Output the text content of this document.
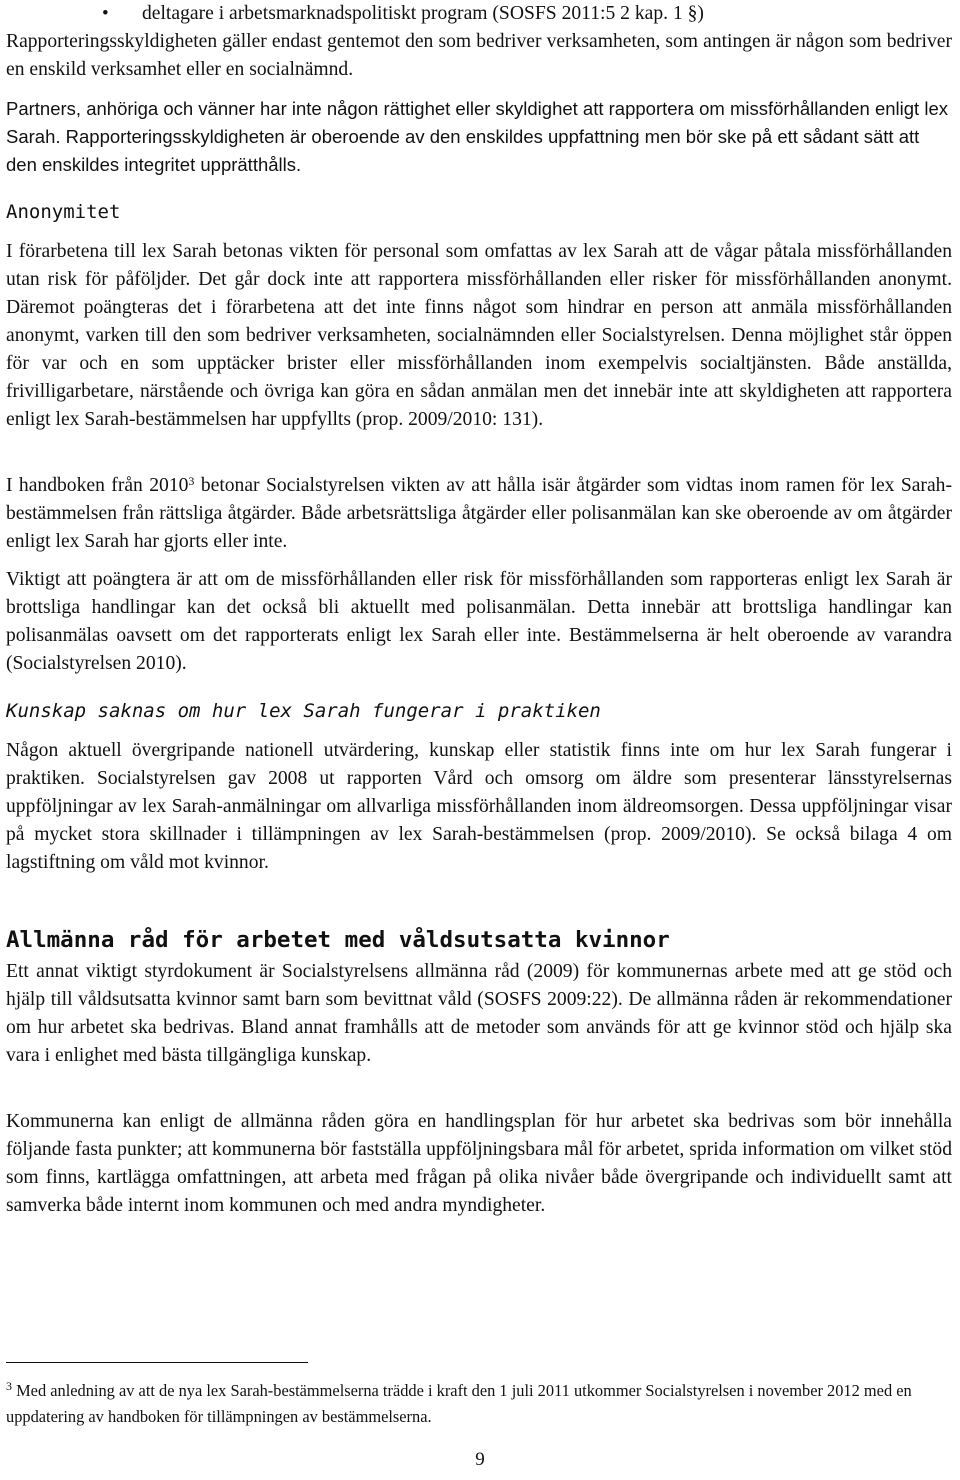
• deltagare i arbetsmarknadspolitiskt program (SOSFS 2011:5 2 kap. 1 §)

Rapporteringsskyldigheten gäller endast gentemot den som bedriver verksamheten, som antingen är någon som bedriver en enskild verksamhet eller en socialnämnd.

Partners, anhöriga och vänner har inte någon rättighet eller skyldighet att rapportera om missförhållanden enligt lex Sarah. Rapporteringsskyldigheten är oberoende av den enskildes uppfattning men bör ske på ett sådant sätt att den enskildes integritet upprätthålls.

Anonymitet

I förarbetena till lex Sarah betonas vikten för personal som omfattas av lex Sarah att de vågar påtala missförhållanden utan risk för påföljder. Det går dock inte att rapportera missförhållanden eller risker för missförhållanden anonymt. Däremot poängteras det i förarbetena att det inte finns något som hindrar en person att anmäla missförhållanden anonymt, varken till den som bedriver verksamheten, socialnämnden eller Socialstyrelsen. Denna möjlighet står öppen för var och en som upptäcker brister eller missförhållanden inom exempelvis socialtjänsten. Både anställda, frivilligarbetare, närstående och övriga kan göra en sådan anmälan men det innebär inte att skyldigheten att rapportera enligt lex Sarah-bestämmelsen har uppfyllts (prop. 2009/2010: 131).

I handboken från 2010$^3$ betonar Socialstyrelsen vikten av att hålla isär åtgärder som vidtas inom ramen för lex Sarah-bestämmelsen från rättsliga åtgärder. Både arbetsrättsliga åtgärder eller polisanmälan kan ske oberoende av om åtgärder enligt lex Sarah har gjorts eller inte.

Viktigt att poängtera är att om de missförhållanden eller risk för missförhållanden som rapporteras enligt lex Sarah är brottsliga handlingar kan det också bli aktuellt med polisanmälan. Detta innebär att brottsliga handlingar kan polisanmälas oavsett om det rapporterats enligt lex Sarah eller inte. Bestämmelserna är helt oberoende av varandra (Socialstyrelsen 2010).

Kunskap saknas om hur lex Sarah fungerar i praktiken

Någon aktuell övergripande nationell utvärdering, kunskap eller statistik finns inte om hur lex Sarah fungerar i praktiken. Socialstyrelsen gav 2008 ut rapporten Vård och omsorg om äldre som presenterar länsstyrelsernas uppföljningar av lex Sarah-anmälningar om allvarliga missförhållanden inom äldreomsorgen. Dessa uppföljningar visar på mycket stora skillnader i tillämpningen av lex Sarah-bestämmelsen (prop. 2009/2010). Se också bilaga 4 om lagstiftning om våld mot kvinnor.

Allmänna råd för arbetet med våldsutsatta kvinnor

Ett annat viktigt styrdokument är Socialstyrelsens allmänna råd (2009) för kommunernas arbete med att ge stöd och hjälp till våldsutsatta kvinnor samt barn som bevittnat våld (SOSFS 2009:22). De allmänna råden är rekommendationer om hur arbetet ska bedrivas. Bland annat framhålls att de metoder som används för att ge kvinnor stöd och hjälp ska vara i enlighet med bästa tillgängliga kunskap.

Kommunerna kan enligt de allmänna råden göra en handlingsplan för hur arbetet ska bedrivas som bör innehålla följande fasta punkter; att kommunerna bör fastställa uppföljningsbara mål för arbetet, sprida information om vilket stöd som finns, kartlägga omfattningen, att arbeta med frågan på olika nivåer både övergripande och individuellt samt att samverka både internt inom kommunen och med andra myndigheter.

$^3$ Med anledning av att de nya lex Sarah-bestämmelserna trädde i kraft den 1 juli 2011 utkommer Socialstyrelsen i november 2012 med en uppdatering av handboken för tillämpningen av bestämmelserna.

9
